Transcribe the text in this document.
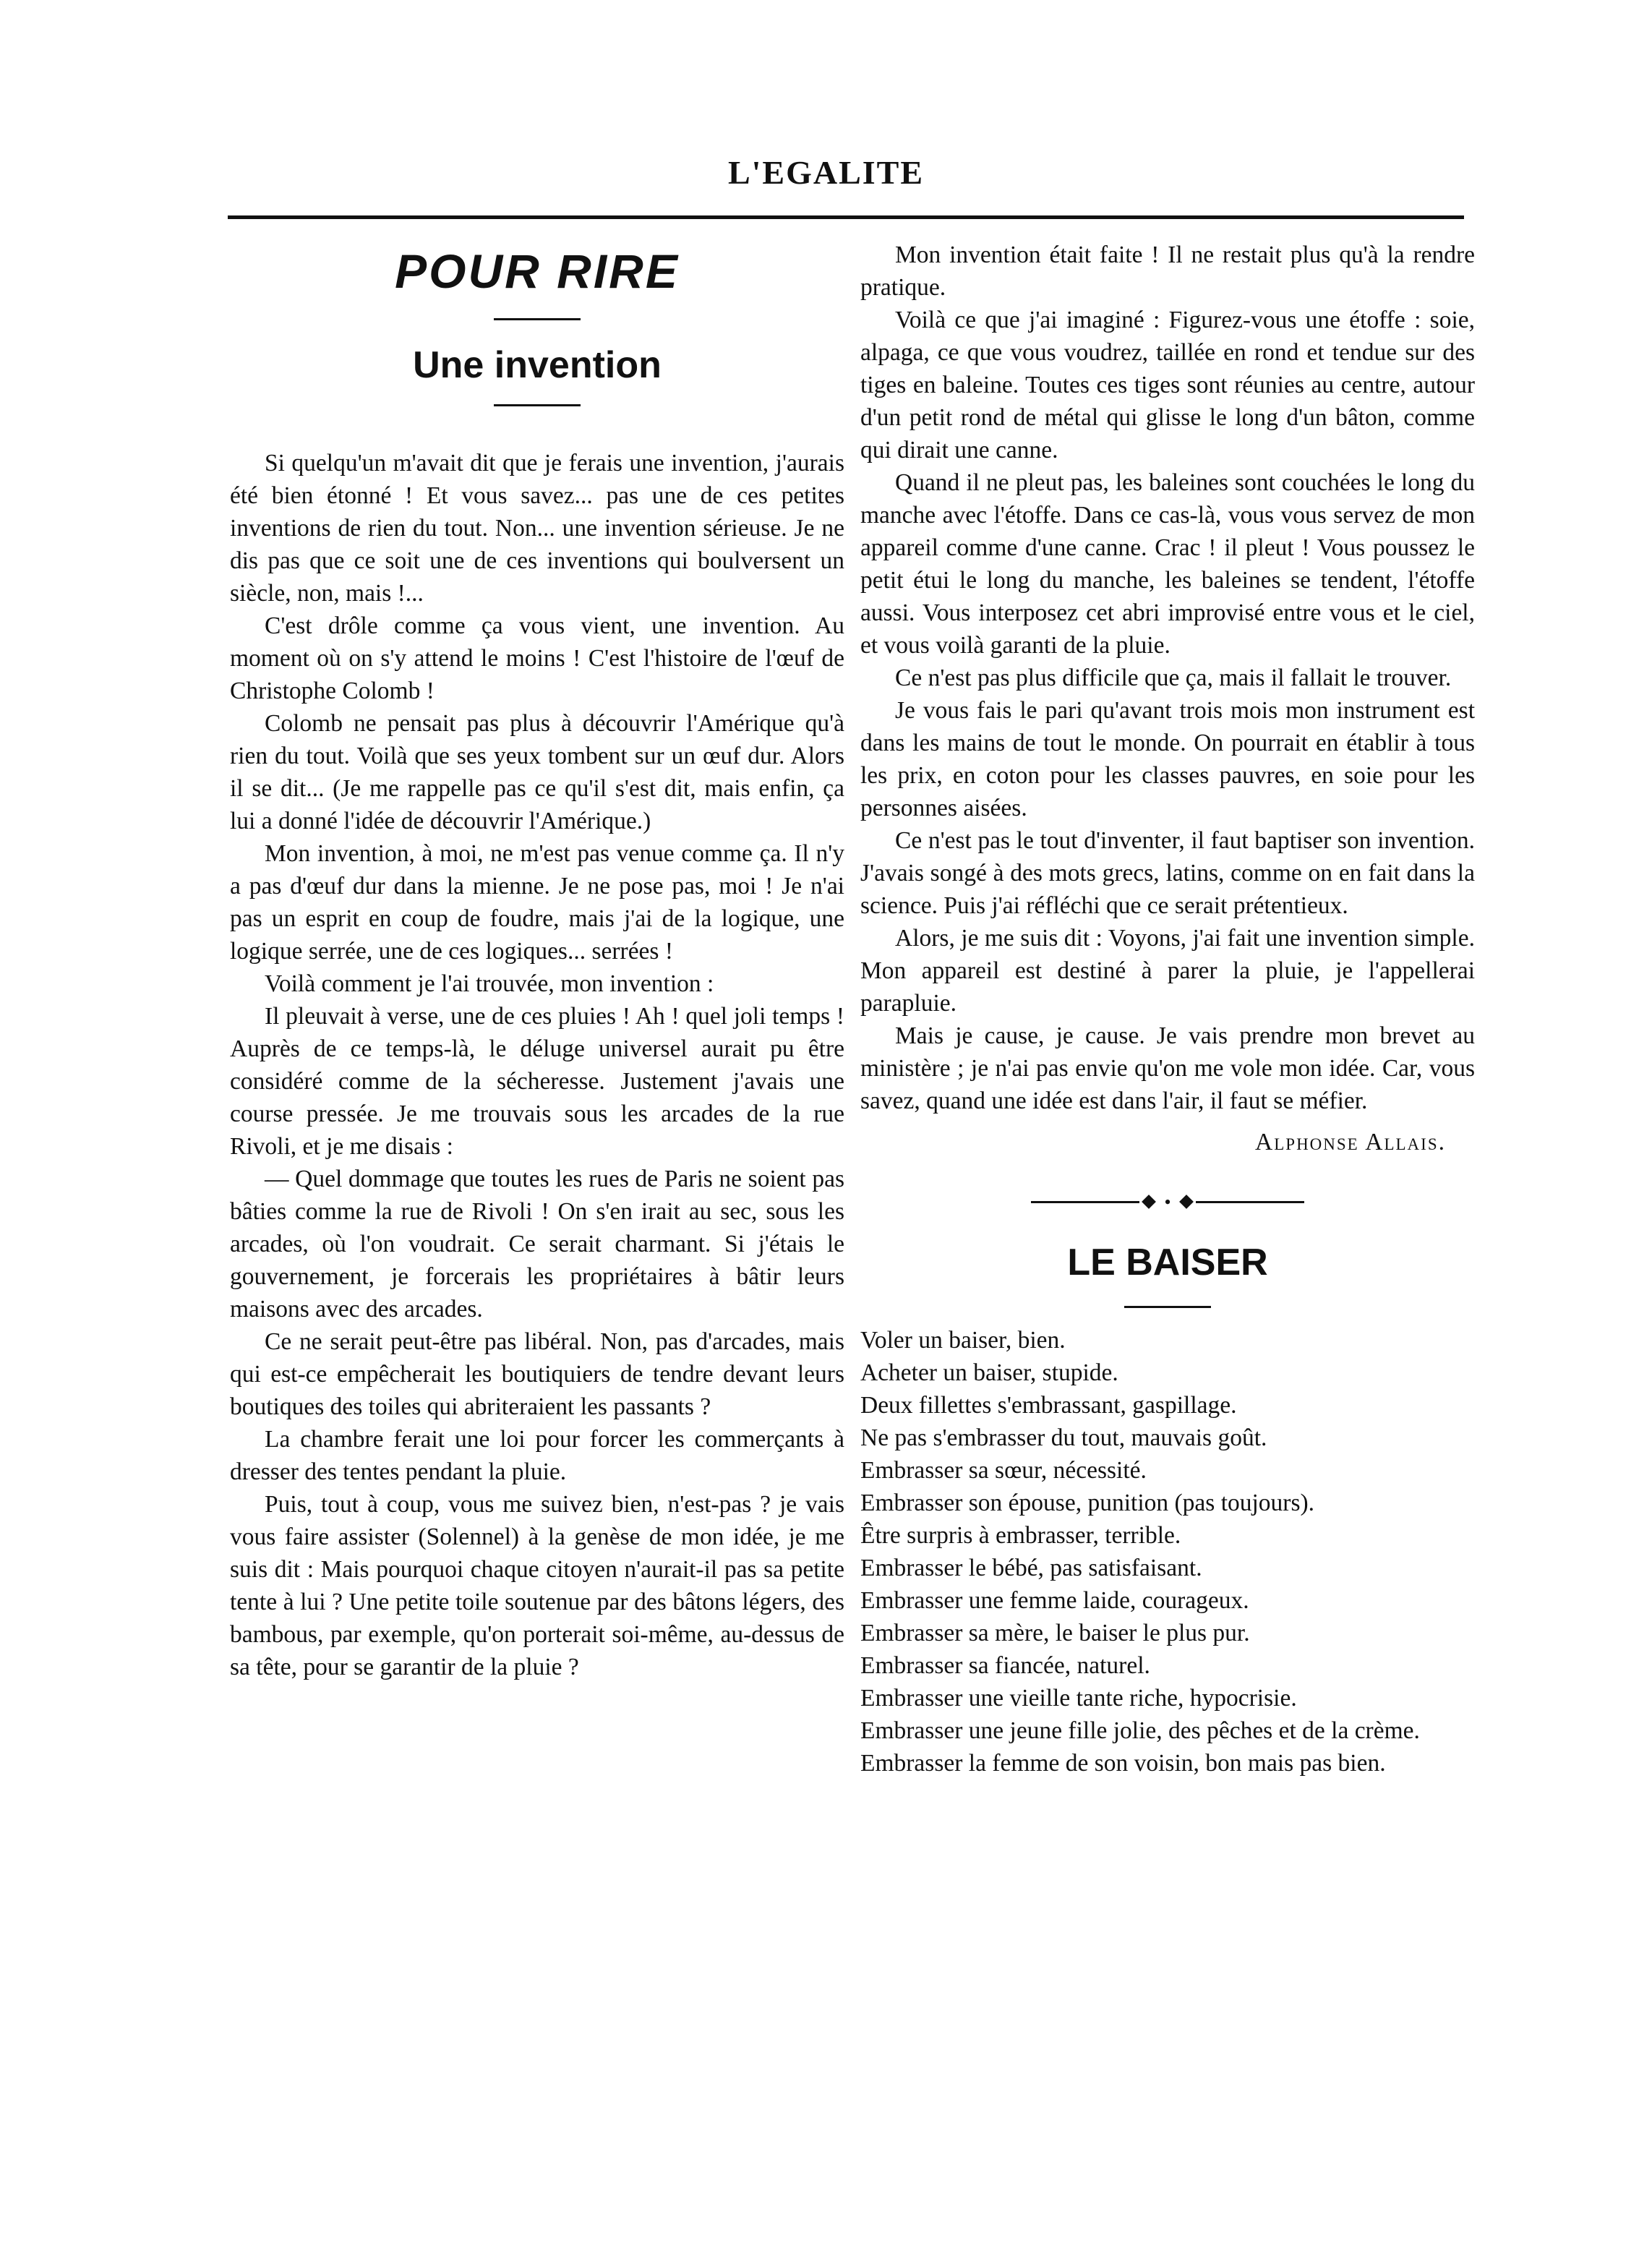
L'EGALITE
POUR RIRE
Une invention

Si quelqu'un m'avait dit que je ferais une invention, j'aurais été bien étonné ! Et vous savez... pas une de ces petites inventions de rien du tout. Non... une invention sérieuse. Je ne dis pas que ce soit une de ces inventions qui boulversent un siècle, non, mais !...

C'est drôle comme ça vous vient, une invention. Au moment où on s'y attend le moins ! C'est l'histoire de l'œuf de Christophe Colomb !

Colomb ne pensait pas plus à découvrir l'Amérique qu'à rien du tout. Voilà que ses yeux tombent sur un œuf dur. Alors il se dit... (Je me rappelle pas ce qu'il s'est dit, mais enfin, ça lui a donné l'idée de découvrir l'Amérique.)

Mon invention, à moi, ne m'est pas venue comme ça. Il n'y a pas d'œuf dur dans la mienne. Je ne pose pas, moi ! Je n'ai pas un esprit en coup de foudre, mais j'ai de la logique, une logique serrée, une de ces logiques... serrées !

Voilà comment je l'ai trouvée, mon invention :

Il pleuvait à verse, une de ces pluies ! Ah ! quel joli temps ! Auprès de ce temps-là, le déluge universel aurait pu être considéré comme de la sécheresse. Justement j'avais une course pressée. Je me trouvais sous les arcades de la rue Rivoli, et je me disais :

— Quel dommage que toutes les rues de Paris ne soient pas bâties comme la rue de Rivoli ! On s'en irait au sec, sous les arcades, où l'on voudrait. Ce serait charmant. Si j'étais le gouvernement, je forcerais les propriétaires à bâtir leurs maisons avec des arcades.

Ce ne serait peut-être pas libéral. Non, pas d'arcades, mais qui est-ce empêcherait les boutiquiers de tendre devant leurs boutiques des toiles qui abriteraient les passants ?

La chambre ferait une loi pour forcer les commerçants à dresser des tentes pendant la pluie.

Puis, tout à coup, vous me suivez bien, n'est-pas ? je vais vous faire assister (Solennel) à la genèse de mon idée, je me suis dit : Mais pourquoi chaque citoyen n'aurait-il pas sa petite tente à lui ? Une petite toile soutenue par des bâtons légers, des bambous, par exemple, qu'on porterait soi-même, au-dessus de sa tête, pour se garantir de la pluie ?

Mon invention était faite ! Il ne restait plus qu'à la rendre pratique.

Voilà ce que j'ai imaginé : Figurez-vous une étoffe : soie, alpaga, ce que vous voudrez, taillée en rond et tendue sur des tiges en baleine. Toutes ces tiges sont réunies au centre, autour d'un petit rond de métal qui glisse le long d'un bâton, comme qui dirait une canne.

Quand il ne pleut pas, les baleines sont couchées le long du manche avec l'étoffe. Dans ce cas-là, vous vous servez de mon appareil comme d'une canne. Crac ! il pleut ! Vous poussez le petit étui le long du manche, les baleines se tendent, l'étoffe aussi. Vous interposez cet abri improvisé entre vous et le ciel, et vous voilà garanti de la pluie.

Ce n'est pas plus difficile que ça, mais il fallait le trouver.

Je vous fais le pari qu'avant trois mois mon instrument est dans les mains de tout le monde. On pourrait en établir à tous les prix, en coton pour les classes pauvres, en soie pour les personnes aisées.

Ce n'est pas le tout d'inventer, il faut baptiser son invention. J'avais songé à des mots grecs, latins, comme on en fait dans la science. Puis j'ai réfléchi que ce serait prétentieux.

Alors, je me suis dit : Voyons, j'ai fait une invention simple. Mon appareil est destiné à parer la pluie, je l'appellerai parapluie.

Mais je cause, je cause. Je vais prendre mon brevet au ministère ; je n'ai pas envie qu'on me vole mon idée. Car, vous savez, quand une idée est dans l'air, il faut se méfier.

Alphonse Allais.
•
LE BAISER
Voler un baiser, bien.
Acheter un baiser, stupide.
Deux fillettes s'embrassant, gaspillage.
Ne pas s'embrasser du tout, mauvais goût.
Embrasser sa sœur, nécessité.
Embrasser son épouse, punition (pas toujours).
Être surpris à embrasser, terrible.
Embrasser le bébé, pas satisfaisant.
Embrasser une femme laide, courageux.
Embrasser sa mère, le baiser le plus pur.
Embrasser sa fiancée, naturel.
Embrasser une vieille tante riche, hypocrisie.
Embrasser une jeune fille jolie, des pêches et de la crème.
Embrasser la femme de son voisin, bon mais pas bien.
